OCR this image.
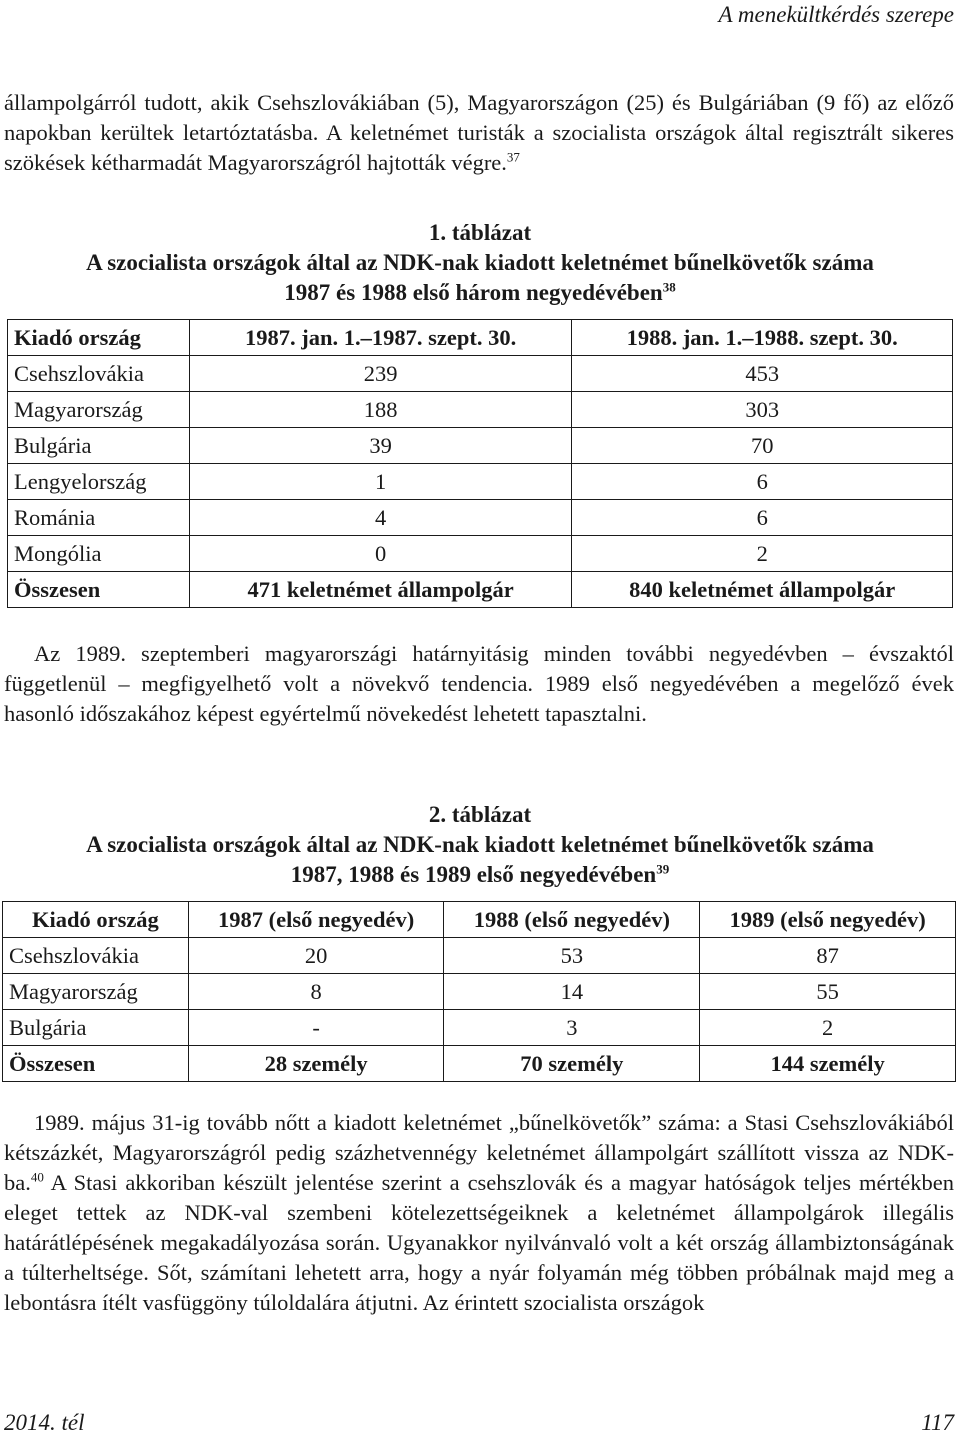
A menekültkérdés szerepe

állampolgárról tudott, akik Csehszlovákiában (5), Magyarországon (25) és Bulgáriában (9 fő) az előző napokban kerültek letartóztatásba. A keletnémet turisták a szocialista országok által regisztrált sikeres szökések kétharmadát Magyarországról hajtották végre.$^{37}$

1. táblázat
A szocialista országok által az NDK-nak kiadott keletnémet bűnelkövetők száma
1987 és 1988 első három negyedévében$^{38}$
Kiadó ország	1987. jan. 1.–1987. szept. 30.	1988. jan. 1.–1988. szept. 30.
Csehszlovákia	239	453
Magyarország	188	303
Bulgária	39	70
Lengyelország	1	6
Románia	4	6
Mongólia	0	2
Összesen	471 keletnémet állampolgár	840 keletnémet állampolgár

Az 1989. szeptemberi magyarországi határnyitásig minden további negyedévben – évszaktól függetlenül – megfigyelhető volt a növekvő tendencia. 1989 első negyedévében a megelőző évek hasonló időszakához képest egyértelmű növekedést lehetett tapasztalni.

2. táblázat
A szocialista országok által az NDK-nak kiadott keletnémet bűnelkövetők száma
1987, 1988 és 1989 első negyedévében$^{39}$
Kiadó ország	1987 (első negyedév)	1988 (első negyedév)	1989 (első negyedév)
Csehszlovákia	20	53	87
Magyarország	8	14	55
Bulgária	-	3	2
Összesen	28 személy	70 személy	144 személy

1989. május 31-ig tovább nőtt a kiadott keletnémet „bűnelkövetők” száma: a Stasi Csehszlovákiából kétszázkét, Magyarországról pedig százhetvennégy keletnémet állampolgárt szállított vissza az NDK-ba.$^{40}$ A Stasi akkoriban készült jelentése szerint a csehszlovák és a magyar hatóságok teljes mértékben eleget tettek az NDK-val szembeni kötelezettségeiknek a keletnémet állampolgárok illegális határátlépésének megakadályozása során. Ugyanakkor nyilvánvaló volt a két ország állambiztonságának a túlterheltsége. Sőt, számítani lehetett arra, hogy a nyár folyamán még többen próbálnak majd meg a lebontásra ítélt vasfüggöny túloldalára átjutni. Az érintett szocialista országok

2014. tél	117
